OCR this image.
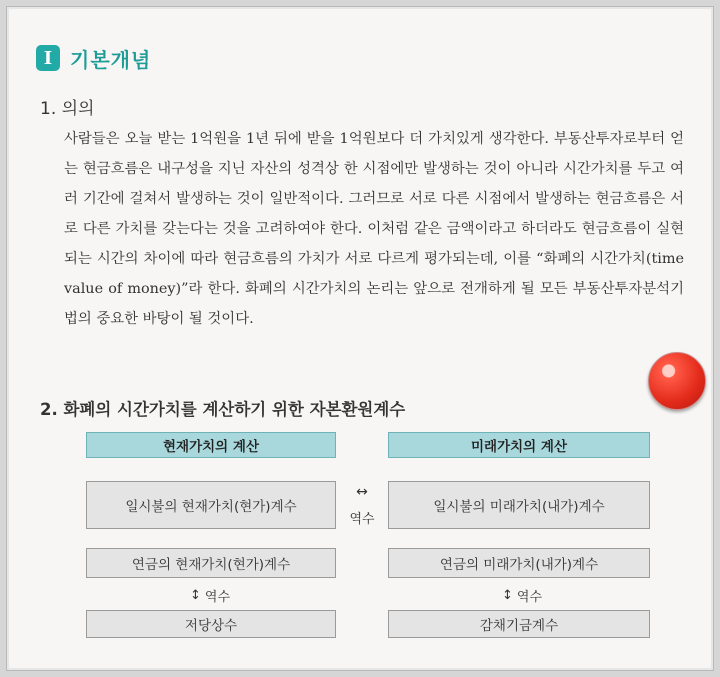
I 기본개념
1. 의의
사람들은 오늘 받는 1억원을 1년 뒤에 받을 1억원보다 더 가치있게 생각한다. 부동산투자로부터 얻는 현금흐름은 내구성을 지닌 자산의 성격상 한 시점에만 발생하는 것이 아니라 시간가치를 두고 여러 기간에 걸쳐서 발생하는 것이 일반적이다. 그러므로 서로 다른 시점에서 발생하는 현금흐름은 서로 다른 가치를 갖는다는 것을 고려하여야 한다. 이처럼 같은 금액이라고 하더라도 현금흐름이 실현되는 시간의 차이에 따라 현금흐름의 가치가 서로 다르게 평가되는데, 이를 “화폐의 시간가치(time value of money)”라 한다. 화폐의 시간가치의 논리는 앞으로 전개하게 될 모든 부동산투자분석기법의 중요한 바탕이 될 것이다.
2. 화폐의 시간가치를 계산하기 위한 자본환원계수
현재가치의 계산	미래가치의 계산
일시불의 현재가치(현가)계수	일시불의 미래가치(내가)계수
↔
역수
연금의 현재가치(현가)계수	연금의 미래가치(내가)계수
↕ 역수	↕ 역수
저당상수	감채기금계수
